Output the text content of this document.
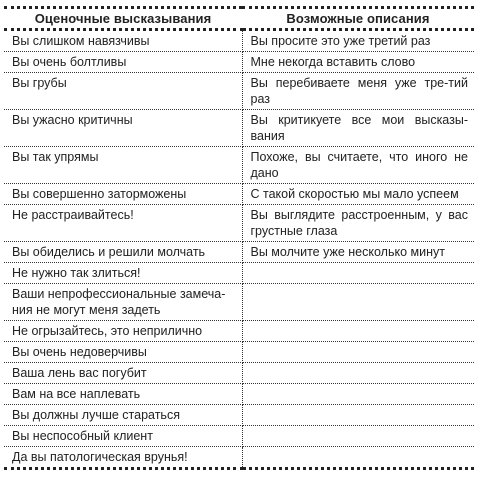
Оценочные высказывания	Возможные описания
Вы слишком навязчивы	Вы просите это уже третий раз
Вы очень болтливы	Мне некогда вставить слово
Вы грубы	Вы перебиваете меня уже тре-тий раз
Вы ужасно критичны	Вы критикуете все мои высказы-вания
Вы так упрямы	Похоже, вы считаете, что иного не дано
Вы совершенно заторможены	С такой скоростью мы мало успеем
Не расстраивайтесь!	Вы выглядите расстроенным, у вас грустные глаза
Вы обиделись и решили молчать	Вы молчите уже несколько минут
Не нужно так злиться!	
Ваши непрофессиональные замеча-ния не могут меня задеть	
Не огрызайтесь, это неприлично	
Вы очень недоверчивы	
Ваша лень вас погубит	
Вам на все наплевать	
Вы должны лучше стараться	
Вы неспособный клиент	
Да вы патологическая врунья!	
